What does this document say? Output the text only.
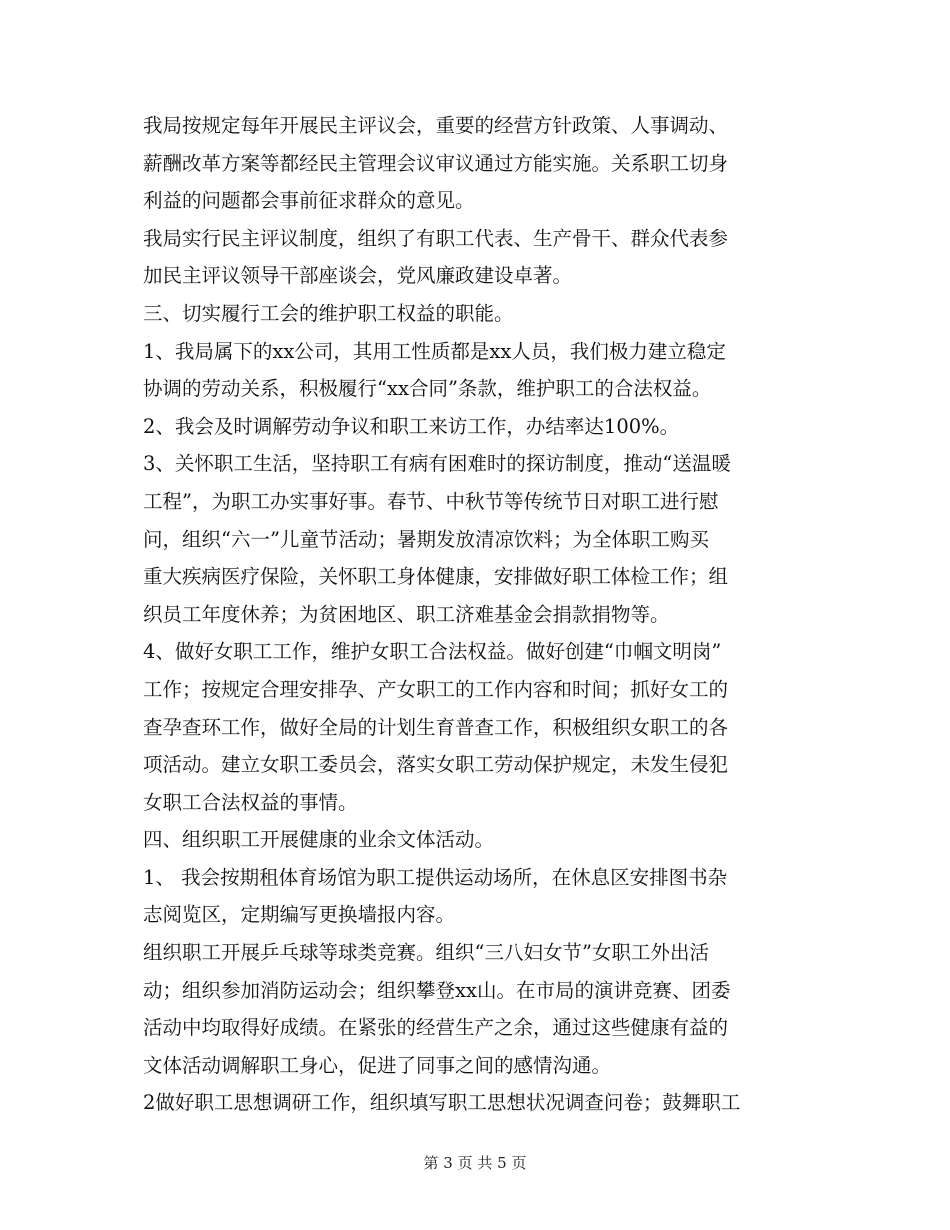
我局按规定每年开展民主评议会，重要的经营方针政策、人事调动、
薪酬改革方案等都经民主管理会议审议通过方能实施。关系职工切身
利益的问题都会事前征求群众的意见。
我局实行民主评议制度，组织了有职工代表、生产骨干、群众代表参
加民主评议领导干部座谈会，党风廉政建设卓著。
三、切实履行工会的维护职工权益的职能。
1、我局属下的xx公司，其用工性质都是xx人员，我们极力建立稳定
协调的劳动关系，积极履行“xx合同”条款，维护职工的合法权益。
2、我会及时调解劳动争议和职工来访工作，办结率达100%。
3、关怀职工生活，坚持职工有病有困难时的探访制度，推动“送温暖
工程”，为职工办实事好事。春节、中秋节等传统节日对职工进行慰
问，组织“六一”儿童节活动；暑期发放清凉饮料；为全体职工购买
重大疾病医疗保险，关怀职工身体健康，安排做好职工体检工作；组
织员工年度休养；为贫困地区、职工济难基金会捐款捐物等。
4、做好女职工工作，维护女职工合法权益。做好创建“巾帼文明岗”
工作；按规定合理安排孕、产女职工的工作内容和时间；抓好女工的
查孕查环工作，做好全局的计划生育普查工作，积极组织女职工的各
项活动。建立女职工委员会，落实女职工劳动保护规定，未发生侵犯
女职工合法权益的事情。
四、组织职工开展健康的业余文体活动。
1、 我会按期租体育场馆为职工提供运动场所，在休息区安排图书杂
志阅览区，定期编写更换墙报内容。
组织职工开展乒乓球等球类竞赛。组织“三八妇女节”女职工外出活
动；组织参加消防运动会；组织攀登xx山。在市局的演讲竞赛、团委
活动中均取得好成绩。在紧张的经营生产之余，通过这些健康有益的
文体活动调解职工身心，促进了同事之间的感情沟通。
2做好职工思想调研工作，组织填写职工思想状况调查问卷；鼓舞职工
第 3 页 共 5 页
